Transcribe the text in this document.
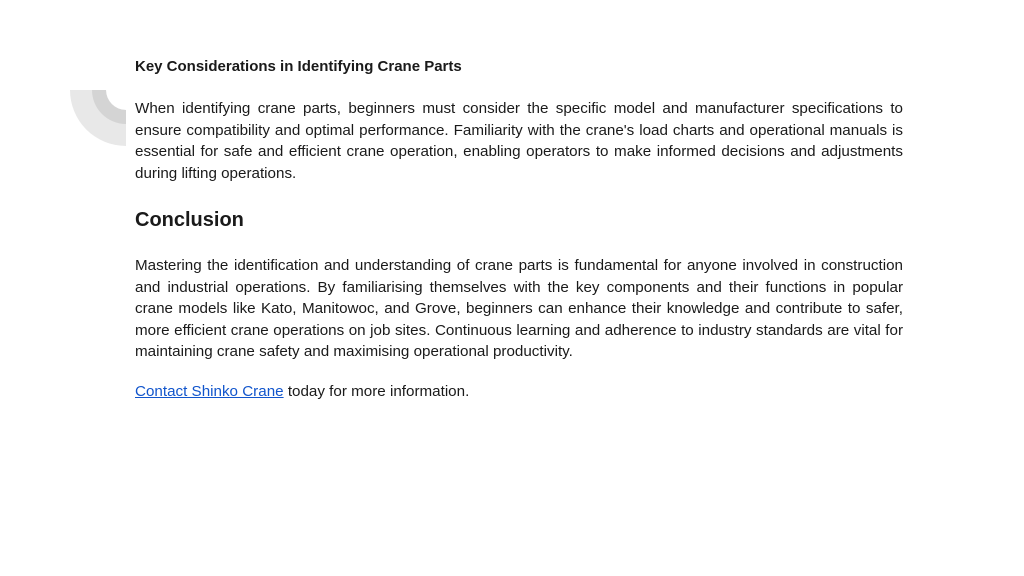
Key Considerations in Identifying Crane Parts

When identifying crane parts, beginners must consider the specific model and manufacturer specifications to ensure compatibility and optimal performance. Familiarity with the crane's load charts and operational manuals is essential for safe and efficient crane operation, enabling operators to make informed decisions and adjustments during lifting operations.

Conclusion

Mastering the identification and understanding of crane parts is fundamental for anyone involved in construction and industrial operations. By familiarising themselves with the key components and their functions in popular crane models like Kato, Manitowoc, and Grove, beginners can enhance their knowledge and contribute to safer, more efficient crane operations on job sites. Continuous learning and adherence to industry standards are vital for maintaining crane safety and maximising operational productivity.

Contact Shinko Crane today for more information.
